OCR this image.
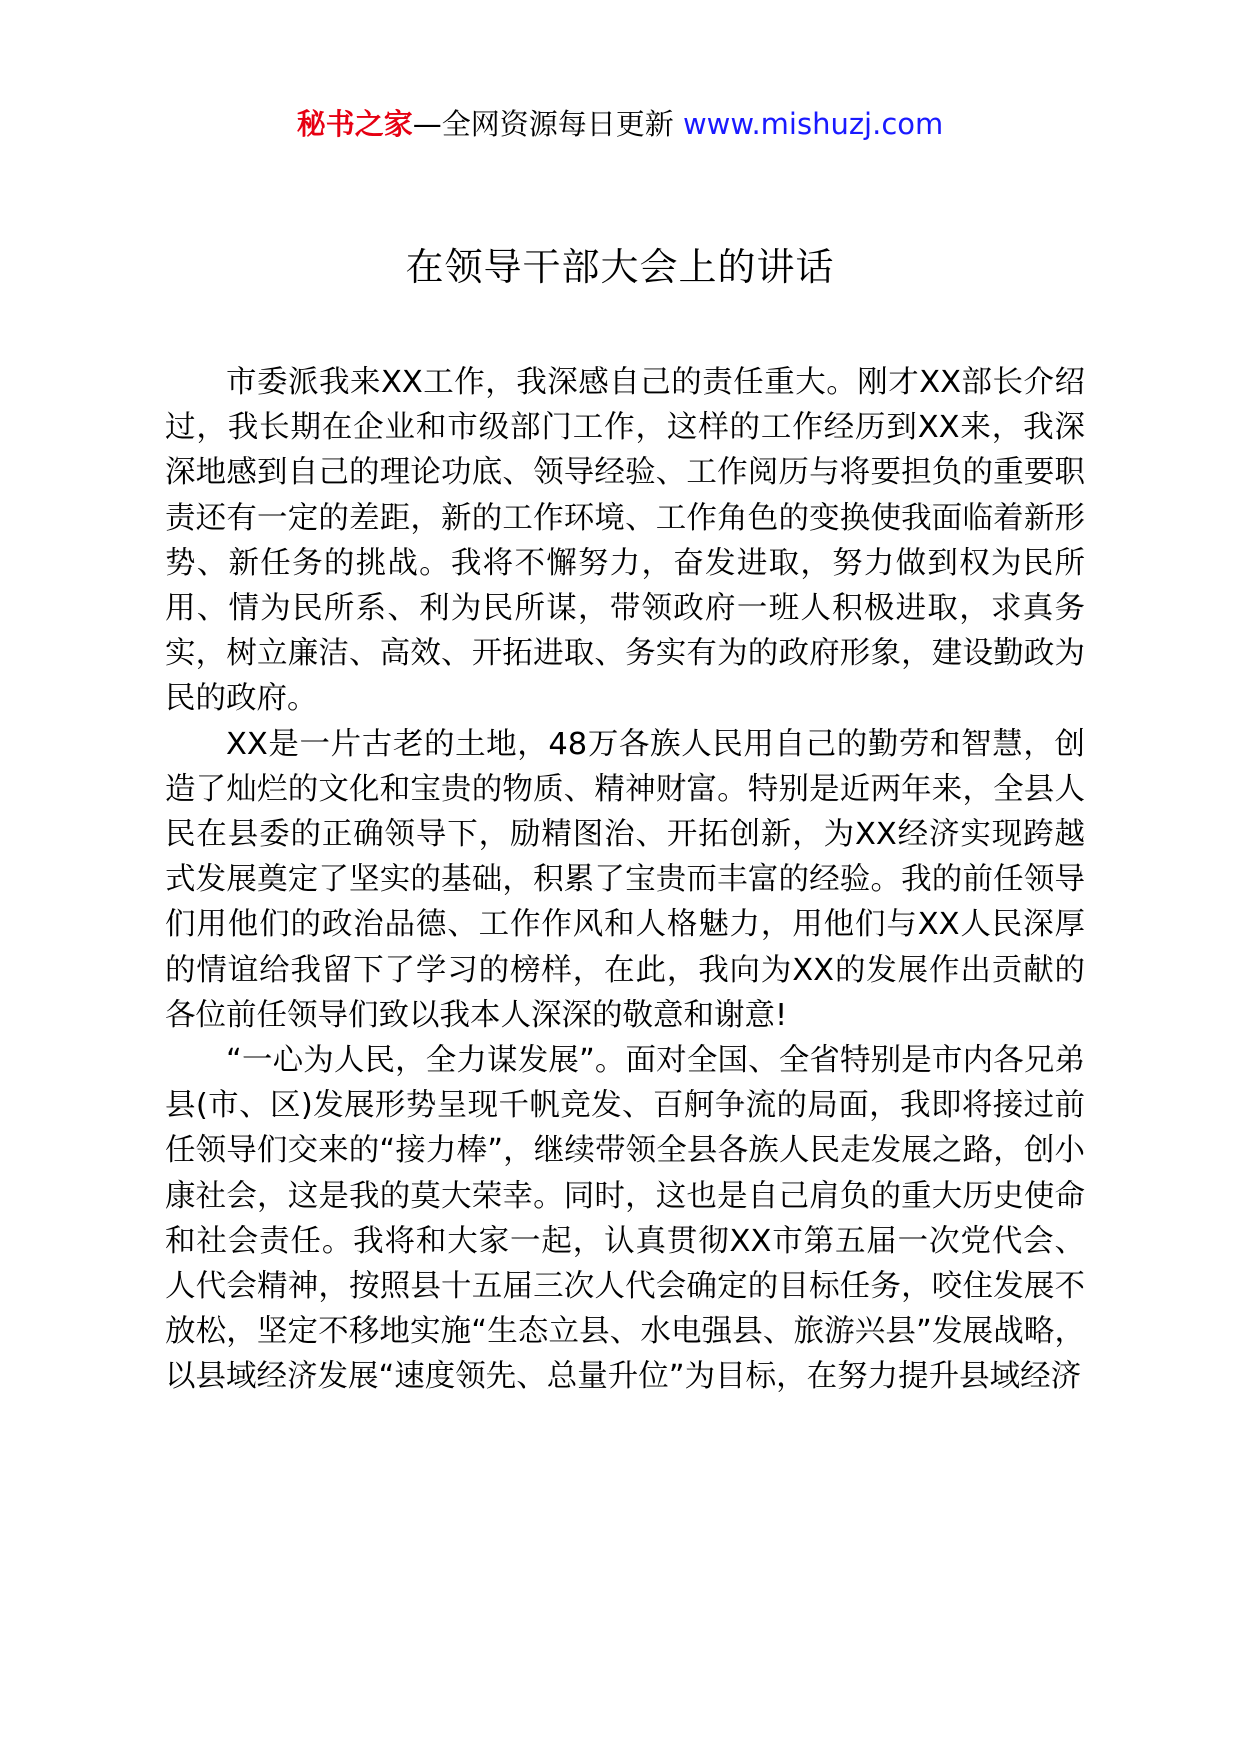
秘书之家—全网资源每日更新 www.mishuzj.com
在领导干部大会上的讲话

市委派我来XX工作，我深感自己的责任重大。刚才XX部长介绍过，我长期在企业和市级部门工作，这样的工作经历到XX来，我深深地感到自己的理论功底、领导经验、工作阅历与将要担负的重要职责还有一定的差距，新的工作环境、工作角色的变换使我面临着新形势、新任务的挑战。我将不懈努力，奋发进取，努力做到权为民所用、情为民所系、利为民所谋，带领政府一班人积极进取，求真务实，树立廉洁、高效、开拓进取、务实有为的政府形象，建设勤政为民的政府。

XX是一片古老的土地，48万各族人民用自己的勤劳和智慧，创造了灿烂的文化和宝贵的物质、精神财富。特别是近两年来，全县人民在县委的正确领导下，励精图治、开拓创新，为XX经济实现跨越式发展奠定了坚实的基础，积累了宝贵而丰富的经验。我的前任领导们用他们的政治品德、工作作风和人格魅力，用他们与XX人民深厚的情谊给我留下了学习的榜样，在此，我向为XX的发展作出贡献的各位前任领导们致以我本人深深的敬意和谢意!

“一心为人民，全力谋发展”。面对全国、全省特别是市内各兄弟县(市、区)发展形势呈现千帆竞发、百舸争流的局面，我即将接过前任领导们交来的“接力棒”，继续带领全县各族人民走发展之路，创小康社会，这是我的莫大荣幸。同时，这也是自己肩负的重大历史使命和社会责任。我将和大家一起，认真贯彻XX市第五届一次党代会、人代会精神，按照县十五届三次人代会确定的目标任务，咬住发展不放松，坚定不移地实施“生态立县、水电强县、旅游兴县”发展战略，以县域经济发展“速度领先、总量升位”为目标，在努力提升县域经济
